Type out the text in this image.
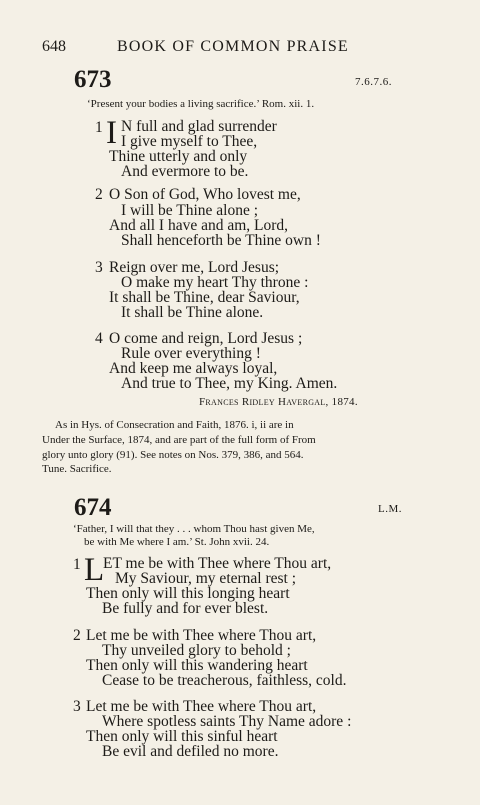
648	BOOK OF COMMON PRAISE
673	7.6.7.6.
‘Present your bodies a living sacrifice.’ Rom. xii. 1.
1 I N full and glad surrender
I give myself to Thee,
Thine utterly and only
And evermore to be.
2 O Son of God, Who lovest me,
I will be Thine alone ;
And all I have and am, Lord,
Shall henceforth be Thine own !
3 Reign over me, Lord Jesus;
O make my heart Thy throne :
It shall be Thine, dear Saviour,
It shall be Thine alone.
4 O come and reign, Lord Jesus ;
Rule over everything !
And keep me always loyal,
And true to Thee, my King. Amen.
Frances Ridley Havergal, 1874.
As in Hys. of Consecration and Faith, 1876. i, ii are in
Under the Surface, 1874, and are part of the full form of From
glory unto glory (91). See notes on Nos. 379, 386, and 564.
Tune. Sacrifice.
674	L.M.
‘Father, I will that they . . . whom Thou hast given Me,
be with Me where I am.’ St. John xvii. 24.
1 L
ET me be with Thee where Thou art,
My Saviour, my eternal rest ;
Then only will this longing heart
Be fully and for ever blest.
2 Let me be with Thee where Thou art,
Thy unveiled glory to behold ;
Then only will this wandering heart
Cease to be treacherous, faithless, cold.
3 Let me be with Thee where Thou art,
Where spotless saints Thy Name adore :
Then only will this sinful heart
Be evil and defiled no more.
